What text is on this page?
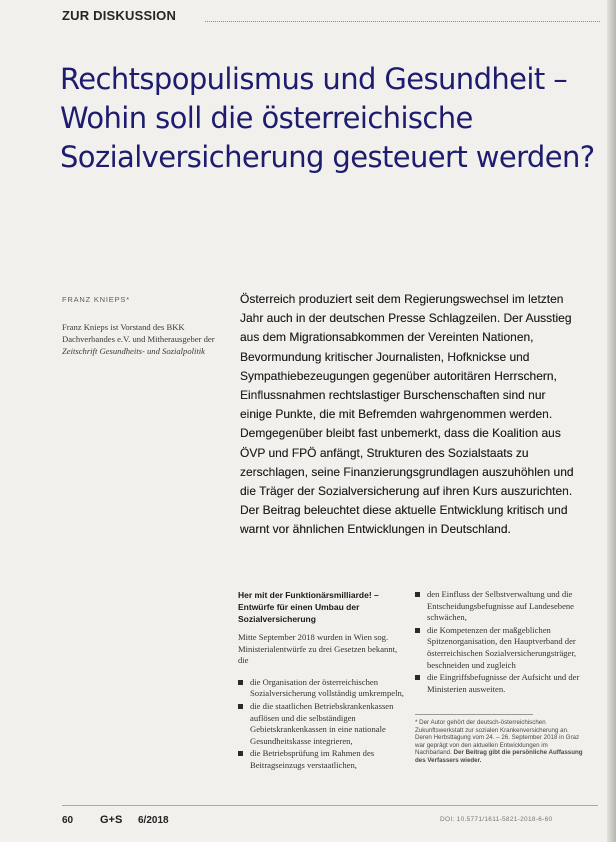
ZUR DISKUSSION
Rechtspopulismus und Gesundheit – Wohin soll die österreichische Sozialversicherung gesteuert werden?
FRANZ KNIEPS*
Franz Knieps ist Vorstand des BKK Dachverbandes e.V. und Mitherausgeber der Zeitschrift Gesundheits- und Sozialpolitik

Österreich produziert seit dem Regierungswechsel im letzten Jahr auch in der deutschen Presse Schlagzeilen. Der Ausstieg aus dem Migrationsabkommen der Vereinten Nationen, Bevormundung kritischer Journalisten, Hofknickse und Sympathiebezeugungen gegenüber autoritären Herrschern, Einflussnahmen rechtslastiger Burschenschaften sind nur einige Punkte, die mit Befremden wahrgenommen werden. Demgegenüber bleibt fast unbemerkt, dass die Koalition aus ÖVP und FPÖ anfängt, Strukturen des Sozialstaats zu zerschlagen, seine Finanzierungsgrundlagen auszuhöhlen und die Träger der Sozialversicherung auf ihren Kurs auszurichten. Der Beitrag beleuchtet diese aktuelle Entwicklung kritisch und warnt vor ähnlichen Entwicklungen in Deutschland.

Her mit der Funktionärsmilliarde! – Entwürfe für einen Umbau der Sozialversicherung

Mitte September 2018 wurden in Wien sog. Ministerialentwürfe zu drei Gesetzen bekannt, die

die Organisation der österreichischen Sozialversicherung vollständig umkrempeln,
die die staatlichen Betriebskrankenkassen auflösen und die selbständigen Gebietskrankenkassen in eine nationale Gesundheitskasse integrieren,
die Betriebsprüfung im Rahmen des Beitragseinzugs verstaatlichen,
den Einfluss der Selbstverwaltung und die Entscheidungsbefugnisse auf Landesebene schwächen,
die Kompetenzen der maßgeblichen Spitzenorganisation, den Hauptverband der österreichischen Sozialversicherungsträger, beschneiden und zugleich
die Eingriffsbefugnisse der Aufsicht und der Ministerien ausweiten.
* Der Autor gehört der deutsch-österreichischen Zukunftswerkstatt zur sozialen Krankenversicherung an. Deren Herbsttagung vom 24. – 26. September 2018 in Graz war geprägt von den aktuellen Entwicklungen im Nachbarland. Der Beitrag gibt die persönliche Auffassung des Verfassers wieder.
60 G+S 6/2018	DOI: 10.5771/1611-5821-2018-6-60
